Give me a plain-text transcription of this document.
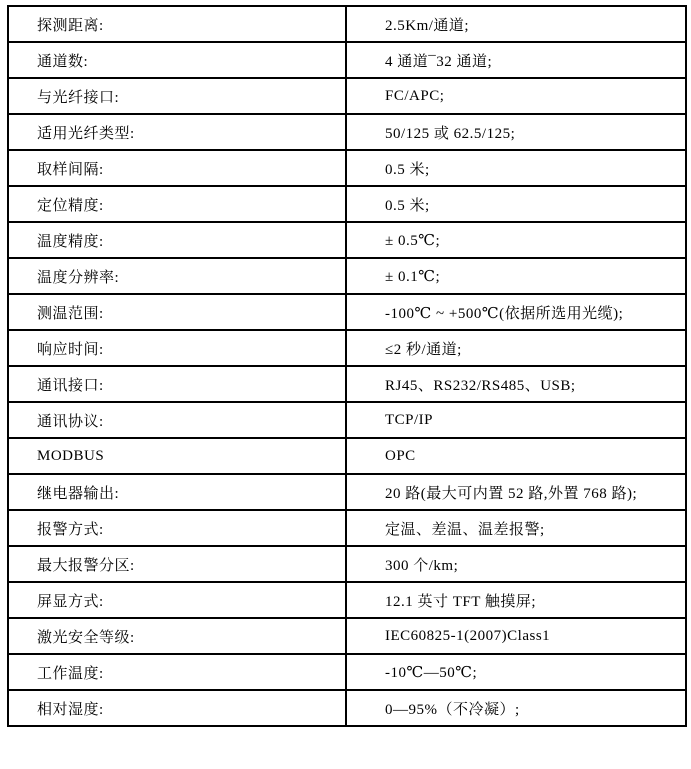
探测距离:	2.5Km/通道;
通道数:	4 通道¯32 通道;
与光纤接口:	FC/APC;
适用光纤类型:	50/125 或 62.5/125;
取样间隔:	0.5 米;
定位精度:	0.5 米;
温度精度:	± 0.5℃;
温度分辨率:	± 0.1℃;
测温范围:	-100℃ ~ +500℃(依据所选用光缆);
响应时间:	≤2 秒/通道;
通讯接口:	RJ45、RS232/RS485、USB;
通讯协议:	TCP/IP
MODBUS	OPC
继电器输出:	20 路(最大可内置 52 路,外置 768 路);
报警方式:	定温、差温、温差报警;
最大报警分区:	300 个/km;
屏显方式:	12.1 英寸 TFT 触摸屏;
激光安全等级:	IEC60825-1(2007)Class1
工作温度:	-10℃—50℃;
相对湿度:	0—95%（不冷凝）;
